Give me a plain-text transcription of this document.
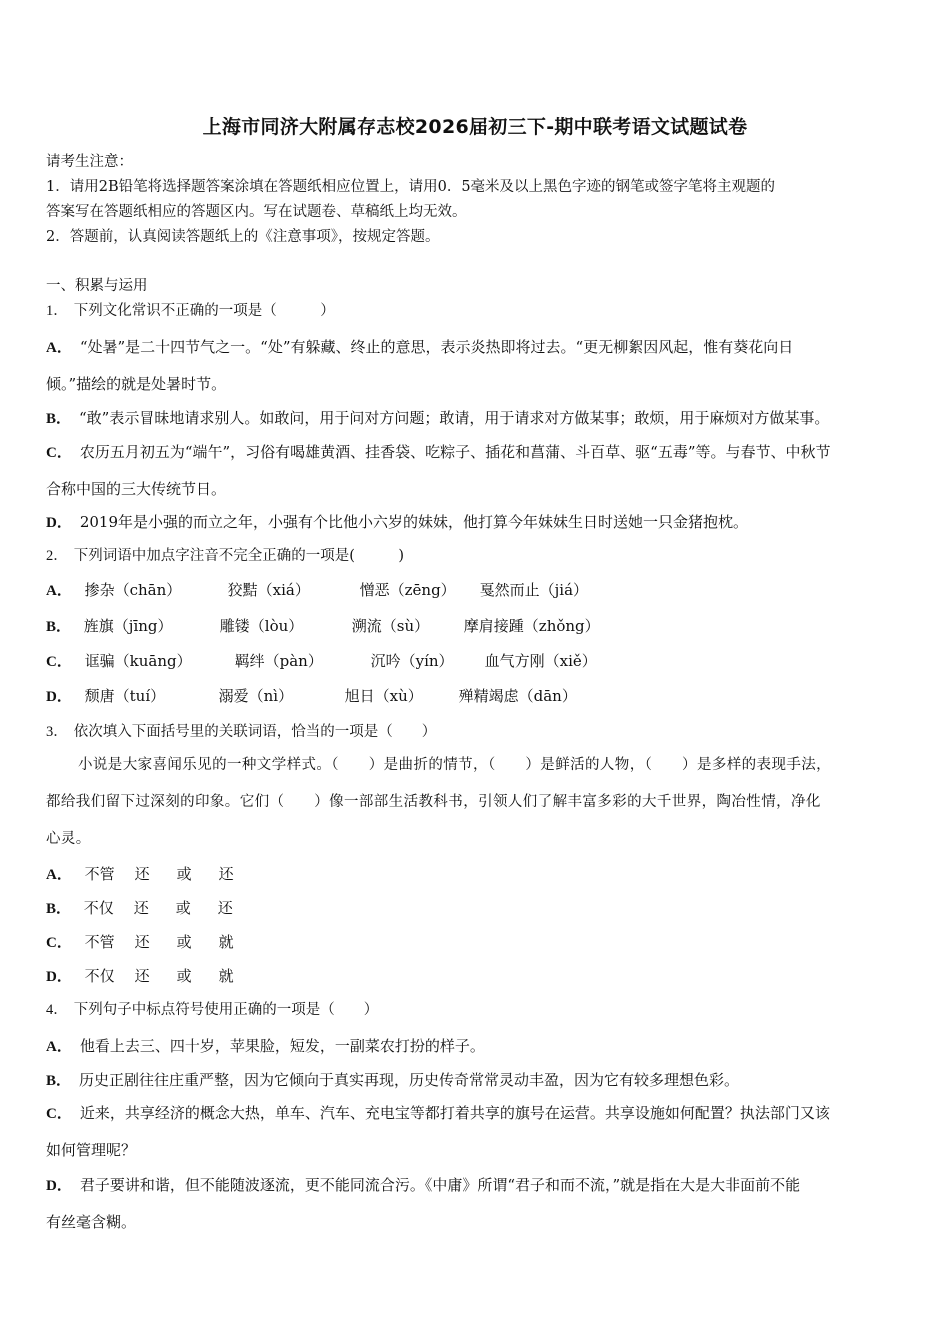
上海市同济大附属存志校2026届初三下-期中联考语文试题试卷
请考生注意：
1．请用2B铅笔将选择题答案涂填在答题纸相应位置上，请用0．5毫米及以上黑色字迹的钢笔或签字笔将主观题的
答案写在答题纸相应的答题区内。写在试题卷、草稿纸上均无效。
2．答题前，认真阅读答题纸上的《注意事项》，按规定答题。
一、积累与运用
1． 下列文化常识不正确的一项是（　　　）
A． “处暑”是二十四节气之一。“处”有躲藏、终止的意思，表示炎热即将过去。“更无柳絮因风起，惟有葵花向日
倾。”描绘的就是处暑时节。
B． “敢”表示冒昧地请求别人。如敢问，用于问对方问题；敢请，用于请求对方做某事；敢烦，用于麻烦对方做某事。
C． 农历五月初五为“端午”，习俗有喝雄黄酒、挂香袋、吃粽子、插花和菖蒲、斗百草、驱“五毒”等。与春节、中秋节
合称中国的三大传统节日。
D． 2019年是小强的而立之年，小强有个比他小六岁的妹妹，他打算今年妹妹生日时送她一只金猪抱枕。
2． 下列词语中加点字注音不完全正确的一项是(　　　)
A． 掺杂（chān）	狡黠（xiá）	憎恶（zēng） 戛然而止（jiá）
B． 旌旗（jīng）	雕镂（lòu）	溯流（sù） 摩肩接踵（zhǒng）
C． 诓骗（kuāng）	羁绊（pàn）	沉吟（yín） 血气方刚（xiě）
D． 颓唐（tuí）	溺爱（nì）	旭日（xù） 殚精竭虑（dān）
3． 依次填入下面括号里的关联词语，恰当的一项是（　　）
小说是大家喜闻乐见的一种文学样式。（　　）是曲折的情节，（　　）是鲜活的人物，（　　）是多样的表现手法，
都给我们留下过深刻的印象。它们（　　）像一部部生活教科书，引领人们了解丰富多彩的大千世界，陶冶性情，净化
心灵。
A． 不管 还 或 还
B． 不仅 还 或 还
C． 不管 还 或 就
D． 不仅 还 或 就
4． 下列句子中标点符号使用正确的一项是（　　）
A． 他看上去三、四十岁，苹果脸，短发，一副菜农打扮的样子。
B． 历史正剧往往庄重严整，因为它倾向于真实再现，历史传奇常常灵动丰盈，因为它有较多理想色彩。
C． 近来，共享经济的概念大热，单车、汽车、充电宝等都打着共享的旗号在运营。共享设施如何配置？执法部门又该
如何管理呢？
D． 君子要讲和谐，但不能随波逐流，更不能同流合污。《中庸》所谓“君子和而不流，”就是指在大是大非面前不能
有丝毫含糊。
